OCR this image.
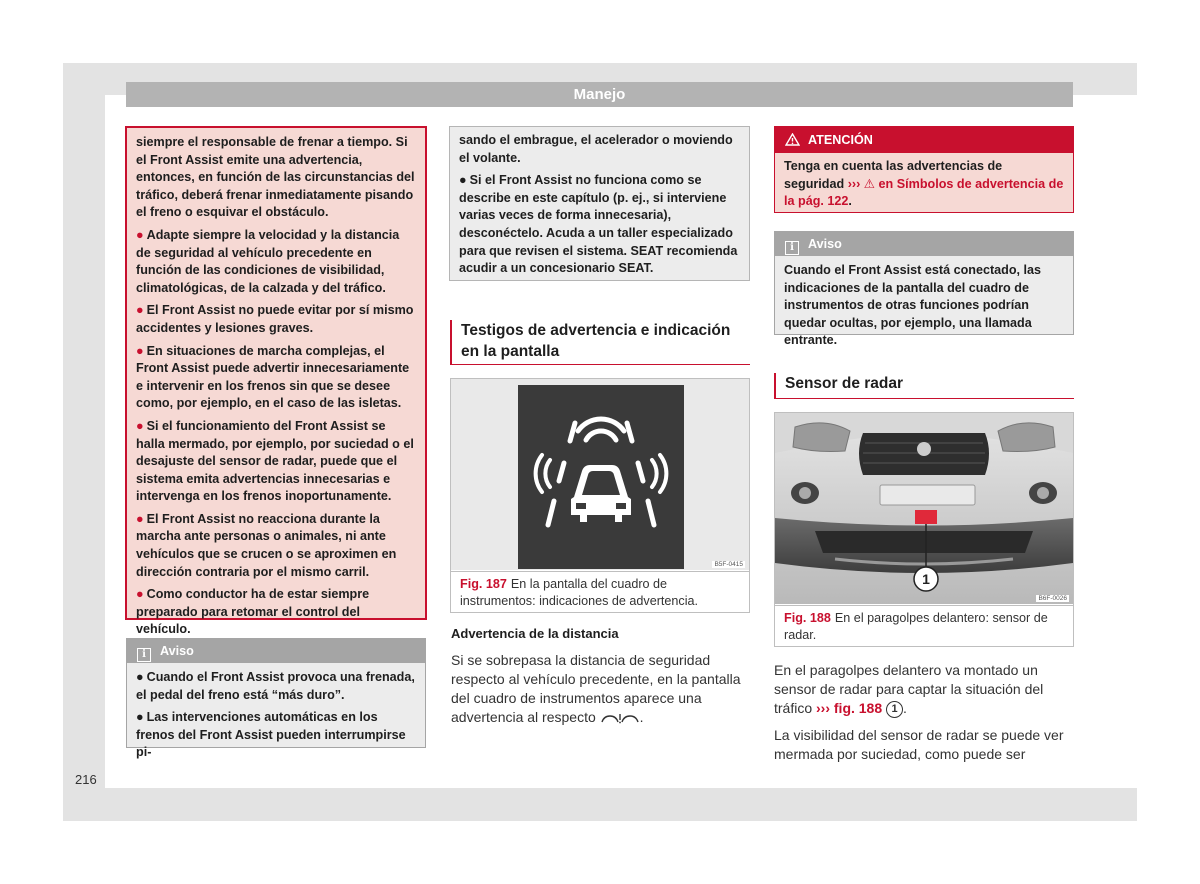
Manejo

siempre el responsable de frenar a tiempo. Si el Front Assist emite una advertencia, entonces, en función de las circunstancias del tráfico, deberá frenar inmediatamente pisando el freno o esquivar el obstáculo.

● Adapte siempre la velocidad y la distancia de seguridad al vehículo precedente en función de las condiciones de visibilidad, climatológicas, de la calzada y del tráfico.

● El Front Assist no puede evitar por sí mismo accidentes y lesiones graves.

● En situaciones de marcha complejas, el Front Assist puede advertir innecesariamente e intervenir en los frenos sin que se desee como, por ejemplo, en el caso de las isletas.

● Si el funcionamiento del Front Assist se halla mermado, por ejemplo, por suciedad o el desajuste del sensor de radar, puede que el sistema emita advertencias innecesarias e intervenga en los frenos inoportunamente.

● El Front Assist no reacciona durante la marcha ante personas o animales, ni ante vehículos que se crucen o se aproximen en dirección contraria por el mismo carril.

● Como conductor ha de estar siempre preparado para retomar el control del vehículo.

i Aviso

● Cuando el Front Assist provoca una frenada, el pedal del freno está “más duro”.

● Las intervenciones automáticas en los frenos del Front Assist pueden interrumpirse pi-

216

sando el embrague, el acelerador o moviendo el volante.

● Si el Front Assist no funciona como se describe en este capítulo (p. ej., si interviene varias veces de forma innecesaria), desconéctelo. Acuda a un taller especializado para que revisen el sistema. SEAT recomienda acudir a un concesionario SEAT.

Testigos de advertencia e indicación
en la pantalla
B5F-0415
Fig. 187 En la pantalla del cuadro de instrumentos: indicaciones de advertencia.
Advertencia de la distancia
Si se sobrepasa la distancia de seguridad respecto al vehículo precedente, en la pantalla del cuadro de instrumentos aparece una advertencia al respecto	.
ATENCIÓN
Tenga en cuenta las advertencias de seguridad ››› ⚠ en Símbolos de advertencia de la pág. 122.
i Aviso
Cuando el Front Assist está conectado, las indicaciones de la pantalla del cuadro de instrumentos de otras funciones podrían quedar ocultas, por ejemplo, una llamada entrante.
Sensor de radar
1
B6F-0026
Fig. 188 En el paragolpes delantero: sensor de radar.
En el paragolpes delantero va montado un sensor de radar para captar la situación del tráfico ››› fig. 188 1 .
La visibilidad del sensor de radar se puede ver mermada por suciedad, como puede ser
